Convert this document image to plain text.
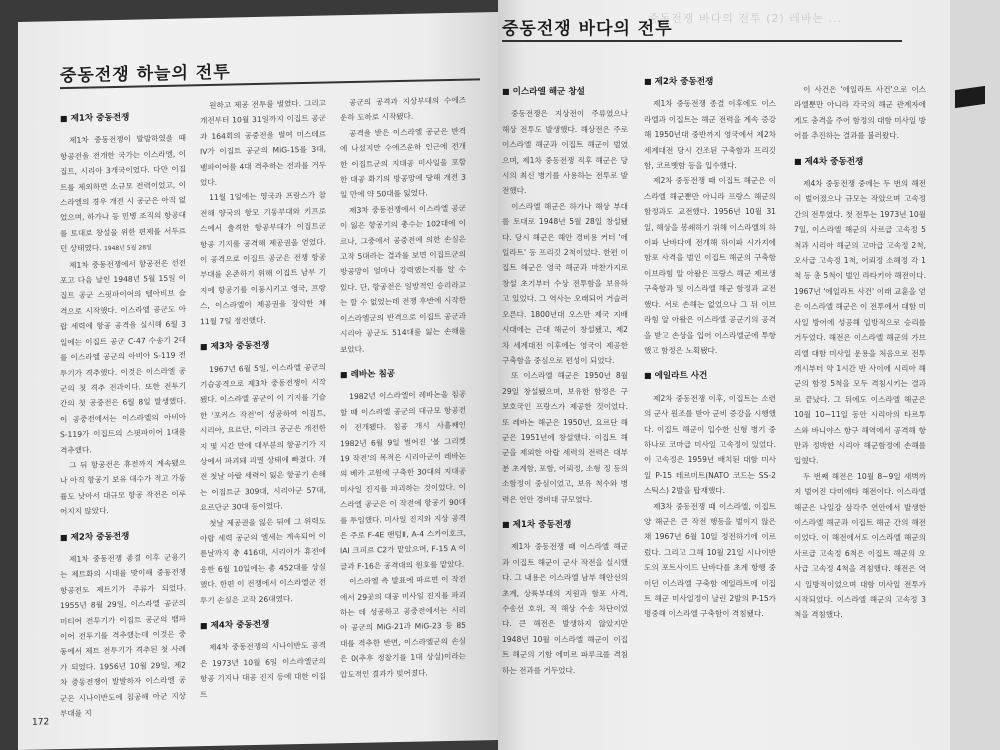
중동전쟁 하늘의 전투
■ 제1차 중동전쟁

제1차 중동전쟁이 발발하였을 때 항공전을 전개한 국가는 이스라엘, 이집트, 시리아 3개국이었다. 다만 이집트를 제외하면 소규모 전력이었고, 이스라엘의 경우 개전 시 공군은 아직 없었으며, 하가나 등 민병 조직의 항공대를 토대로 창설을 위한 편제를 서두르던 상태였다. 1948년 5월 28일

제1차 중동전쟁에서 항공전은 선전포고 다음 날인 1948년 5월 15일 이집트 공군 스핏파이어의 텔아비브 습격으로 시작했다. 이스라엘 공군도 아랍 세력에 항공 공격을 실시해 6월 3일에는 이집트 공군 C-47 수송기 2대를 이스라엘 공군의 아비아 S-119 전투기가 격추했다. 이것은 이스라엘 공군의 첫 격추 전과이다. 또한 전투기 간의 첫 공중전은 6월 8일 발생했다. 이 공중전에서는 이스라엘의 아비아 S-119가 이집트의 스핏파이어 1대를 격추했다.

그 뒤 항공전은 휴전까지 계속됐으나 아직 항공기 보유 대수가 적고 가동률도 낮아서 대규모 항공 작전은 이루어지지 않았다.

■ 제2차 중동전쟁

제1차 중동전쟁 종결 이후 군용기는 제트화의 시대를 맞이해 중동전쟁 항공전도 제트기가 주류가 되었다. 1955년 8월 29일, 이스라엘 공군의 미티어 전투기가 이집트 공군의 뱀파이어 전투기를 격추했는데 이것은 중동에서 제트 전투기가 격추된 첫 사례가 되었다. 1956년 10월 29일, 제2차 중동전쟁이 발발하자 이스라엘 공군은 시나이반도에 침공해 아군 지상부대를 지

원하고 제공 전투를 벌였다. 그리고 개전부터 10월 31일까지 이집트 공군과 164회의 공중전을 벌여 미스테르 IV가 이집트 공군의 MiG-15를 3대, 뱀파이어를 4대 격추하는 전과를 거두었다.

11월 1일에는 영국과 프랑스가 참전해 양국의 항모 기동부대와 키프로스에서 출격한 항공부대가 이집트군 항공 기지를 공격해 제공권을 얻었다. 이 공격으로 이집트 공군은 전쟁 항공 부대를 온존하기 위해 이집트 남부 기지에 항공기를 이동시키고 영국, 프랑스, 이스라엘이 제공권을 장악한 채 11월 7일 정전했다.

■ 제3차 중동전쟁

1967년 6월 5일, 이스라엘 공군의 기습공격으로 제3차 중동전쟁이 시작됐다. 이스라엘 공군이 이 기지를 기습한 '포커스 작전'이 성공하여 이집트, 시리아, 요르단, 이라크 공군은 개전한 지 몇 시간 만에 대부분의 항공기가 지상에서 파괴돼 괴멸 상태에 빠졌다. 개전 첫날 아랍 세력이 잃은 항공기 손해는 이집트군 309대, 시리아군 57대, 요르단군 30대 등이었다.

첫날 제공권을 잃은 뒤에 그 위력도 아랍 세력 공군의 엘세는 계속되어 이튿날까지 총 416대, 시리아가 휴전에 응한 6월 10일에는 총 452대를 상실했다. 한편 이 전쟁에서 이스라엘군 전투기 손실은 고작 26대였다.

■ 제4차 중동전쟁

제4차 중동전쟁의 시나이반도 공격은 1973년 10월 6일 이스라엘군의 항공 기지나 대공 진지 등에 대한 이집트

공군의 공격과 지상부대의 수에즈운하 도하로 시작됐다.

공격을 받은 이스라엘 공군은 반격에 나섰지만 수에즈운하 인근에 전개한 이집트군의 지대공 미사일을 포함한 대공 화기의 방공망에 당해 개전 3일 만에 약 50대를 잃었다.

제3차 중동전쟁에서 이스라엘 공군이 잃은 항공기의 총수는 102대에 이르나, 그중에서 공중전에 의한 손실은 고작 5대라는 결과를 보면 이집트군의 방공망이 얼마나 강력했는지를 알 수 있다. 단, 항공전은 일방적인 승리라고는 할 수 없었는데 전쟁 후반에 시작한 이스라엘군의 반격으로 이집트 공군과 시리아 공군도 514대를 잃는 손해를 보았다.

■ 레바논 침공

1982년 이스라엘이 레바논을 침공할 때 이스라엘 공군의 대규모 항공전이 전개됐다. 침공 개시 사흘째인 1982년 6월 9일 벌어진 '볼 그리켓 19 작전'의 목적은 시리아군이 레바논의 베카 고원에 구축한 30대의 지대공 미사일 진지를 파괴하는 것이었다. 이스라엘 공군은 이 작전에 항공기 90대를 투입했다. 미사일 진지와 지상 공격은 주로 F-4E 팬텀Ⅱ, A-4 스카이호크, IAI 크피르 C2가 맡았으며, F-15 A 이글과 F-16은 공격대의 원호를 맡았다.

이스라엘 측 발표에 따르면 이 작전에서 29곳의 대공 미사일 진지를 파괴하는 데 성공하고 공중전에서는 시리아 공군의 MiG-21과 MiG-23 등 85대를 격추한 반면, 이스라엘군의 손실은 0(추후 정찰기를 1대 상실)이라는 압도적인 결과가 빚어졌다.

172
중동전쟁 바다의 전투 (2) 레바논 ...
중동전쟁 바다의 전투
■ 이스라엘 해군 창설

중동전쟁은 지상전이 주류였으나 해상 전투도 발생했다. 해상전은 주로 이스라엘 해군과 이집트 해군이 벌였으며, 제1차 중동전쟁 직후 해군은 당시의 최신 병기를 사용하는 전투로 발전했다.

이스라엘 해군은 하가나 해상 부대를 토대로 1948년 5월 28일 창설됐다. 당시 해군은 해안 경비용 커터 '에일라트' 등 프리깃 2척이었다. 한편 이집트 해군은 영국 해군과 마찬가지로 창설 초기부터 수상 전투함을 보유하고 있었다. 그 역사는 오래되어 거슬러 오른다. 1800년대 오스만 제국 지배 시대에는 근대 해군이 창설됐고, 제2차 세계대전 이후에는 영국이 제공한 구축함을 중심으로 편성이 되었다.

또 이스라엘 해군은 1950년 8월 29일 창설됐으며, 보유한 함정은 구 보호국인 프랑스가 제공한 것이었다. 또 레바논 해군은 1950년, 요르단 해군은 1951년에 창설했다. 이집트 해군을 제외한 아랍 세력의 전력은 대부분 초계함, 포함, 어뢰정, 소형 정 등의 소함정이 중심이었고, 보유 척수와 병력은 연안 경비대 규모였다.

■ 제1차 중동전쟁

제1차 중동전쟁 때 이스라엘 해군과 이집트 해군이 군사 작전을 실시했다. 그 내용은 이스라엘 남부 해안선의 초계, 상륙부대의 지원과 함포 사격, 수송선 호위, 적 해상 수송 차단이었다. 큰 해전은 발생하지 않았지만 1948년 10월 이스라엘 해군이 이집트 해군의 기함 에미르 파루크를 격침하는 전과를 거두었다.

■ 제2차 중동전쟁

제1차 중동전쟁 종결 이후에도 이스라엘과 이집트는 해군 전력을 계속 증강해 1950년대 중반까지 영국에서 제2차 세계대전 당시 건조된 구축함과 프리깃함, 코르벳함 등을 입수했다.

제2차 중동전쟁 때 이집트 해군은 이스라엘 해군뿐만 아니라 프랑스 해군의 함정과도 교전했다. 1956년 10월 31일, 해상을 봉쇄하기 위해 이스라엘의 하이파 난바다에 전개해 하이파 시가지에 함포 사격을 벌인 이집트 해군의 구축함 이브라힘 알 아왈은 프랑스 해군 제르생 구축함과 및 이스라엘 해군 함정과 교전했다. 서로 손해는 없었으나 그 뒤 이브라힘 알 아왈은 이스라엘 공군기의 공격을 받고 손상을 입어 이스라엘군에 투항했고 함정은 노획됐다.

■ 에일라트 사건

제2차 중동전쟁 이후, 이집트는 소련의 군사 원조를 받아 군비 증강을 시행했다. 이집트 해군이 입수한 신형 병기 중 하나로 코마급 미사일 고속정이 있었다. 이 고속정은 1959년 배치된 대함 미사일 P-15 테르미트(NATO 코드는 SS-2 스틱스) 2발을 탑재했다.

제3차 중동전쟁 때 이스라엘, 이집트 양 해군은 큰 작전 행동을 벌이지 않은 채 1967년 6월 10일 정전하기에 이르렀다. 그리고 그해 10월 21일 시나이반도의 포트사이드 난바다를 초계 항행 중이던 이스라엘 구축함 에일라트에 이집트 해군 미사일정이 날린 2발의 P-15가 명중해 이스라엘 구축함이 격침됐다.

이 사건은 '에일라트 사건'으로 이스라엘뿐만 아니라 각국의 해군 관계자에게도 충격을 주어 함정의 대함 미사일 방어를 추진하는 결과를 불러왔다.

■ 제4차 중동전쟁

제4차 중동전쟁 중에는 두 번의 해전이 벌어졌으나 규모는 작았으며 고속정 간의 전투였다. 첫 전투는 1973년 10월 7일, 이스라엘 해군의 사르급 고속정 5척과 시리아 해군의 고마급 고속정 2척, 오사급 고속정 1척, 어뢰정 소해정 각 1척 등 총 5척이 벌인 라타키아 해전이다. 1967년 '에일라트 사건' 이래 교훈을 얻은 이스라엘 해군은 이 전투에서 대함 미사일 방어에 성공해 일방적으로 승리를 거두었다. 해전은 이스라엘 해군의 가브리엘 대함 미사일 운용을 처음으로 전투 개시부터 약 1시간 반 사이에 시리아 해군의 함정 5척을 모두 격침시키는 결과로 끝났다. 그 뒤에도 이스라엘 해군은 10월 10~11일 동안 시리아의 타르투스와 바니야스 항구 해역에서 공격해 항만과 정박한 시리아 해군함정에 손해를 입혔다.

두 번째 해전은 10월 8~9일 새벽까지 벌어진 다미에타 해전이다. 이스라엘 해군은 나일강 삼각주 연안에서 발생한 이스라엘 해군과 이집트 해군 간의 해전이었다. 이 해전에서도 이스라엘 해군의 사르급 고속정 6척은 이집트 해군의 오사급 고속정 4척을 격침했다. 해전은 역시 일방적이었으며 대함 미사일 전투가 시작되었다. 이스라엘 해군의 고속정 3척을 격침했다.
